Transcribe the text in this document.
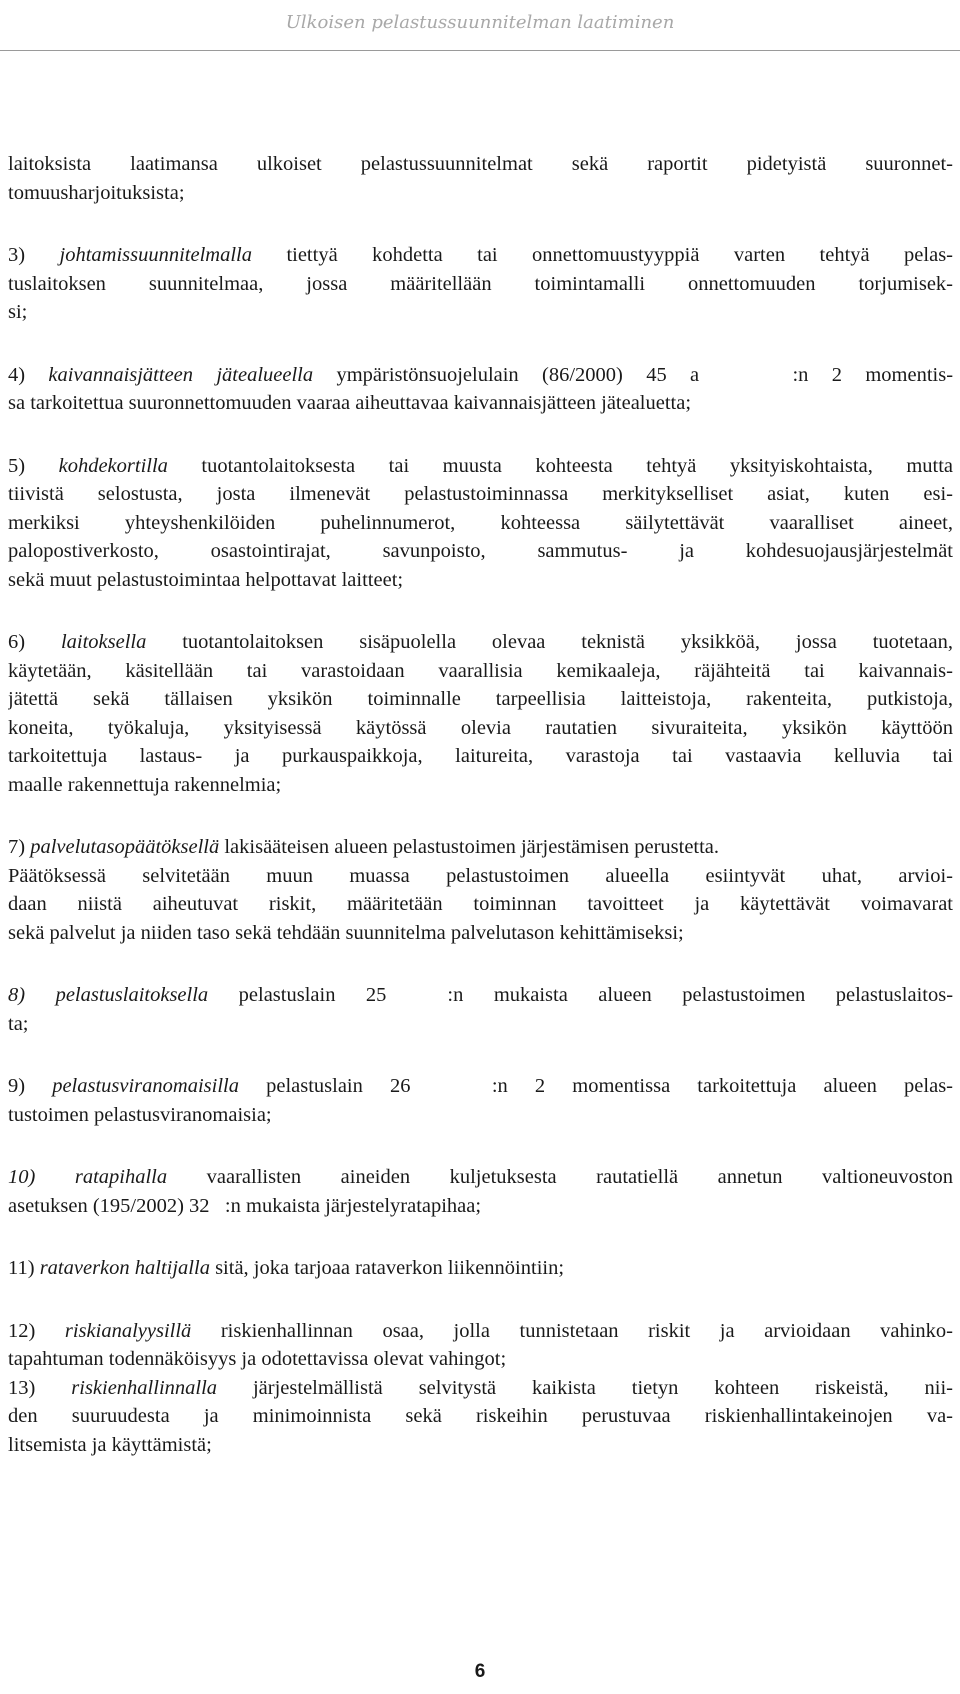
Ulkoisen pelastussuunnitelman laatiminen
laitoksista laatimansa ulkoiset pelastussuunnitelmat sekä raportit pidetyistä suuronnet-
tomuusharjoituksista;
3) johtamissuunnitelmalla tiettyä kohdetta tai onnettomuustyyppiä varten tehtyä pelas-
tuslaitoksen suunnitelmaa, jossa määritellään toimintamalli onnettomuuden torjumisek-
si;
4) kaivannaisjätteen jätealueella ympäristönsuojelulain (86/2000) 45 a	:n 2 momentis-
sa tarkoitettua suuronnettomuuden vaaraa aiheuttavaa kaivannaisjätteen jätealuetta;
5) kohdekortilla tuotantolaitoksesta tai muusta kohteesta tehtyä yksityiskohtaista, mutta
tiivistä selostusta, josta ilmenevät pelastustoiminnassa merkitykselliset asiat, kuten esi-
merkiksi yhteyshenkilöiden puhelinnumerot, kohteessa säilytettävät vaaralliset aineet,
palopostiverkosto, osastointirajat, savunpoisto, sammutus- ja kohdesuojausjärjestelmät
sekä muut pelastustoimintaa helpottavat laitteet;
6) laitoksella tuotantolaitoksen sisäpuolella olevaa teknistä yksikköä, jossa tuotetaan,
käytetään, käsitellään tai varastoidaan vaarallisia kemikaaleja, räjähteitä tai kaivannais-
jätettä sekä tällaisen yksikön toiminnalle tarpeellisia laitteistoja, rakenteita, putkistoja,
koneita, työkaluja, yksityisessä käytössä olevia rautatien sivuraiteita, yksikön käyttöön
tarkoitettuja lastaus- ja purkauspaikkoja, laitureita, varastoja tai vastaavia kelluvia tai
maalle rakennettuja rakennelmia;
7) palvelutasopäätöksellä lakisääteisen alueen pelastustoimen järjestämisen perustetta.
Päätöksessä selvitetään muun muassa pelastustoimen alueella esiintyvät uhat, arvioi-
daan niistä aiheutuvat riskit, määritetään toiminnan tavoitteet ja käytettävät voimavarat
sekä palvelut ja niiden taso sekä tehdään suunnitelma palvelutason kehittämiseksi;
8) pelastuslaitoksella pelastuslain 25	:n mukaista alueen pelastustoimen pelastuslaitos-
ta;
9) pelastusviranomaisilla pelastuslain 26	:n 2 momentissa tarkoitettuja alueen pelas-
tustoimen pelastusviranomaisia;
10) ratapihalla vaarallisten aineiden kuljetuksesta rautatiellä annetun valtioneuvoston
asetuksen (195/2002) 32 :n mukaista järjestelyratapihaa;
11) rataverkon haltijalla sitä, joka tarjoaa rataverkon liikennöintiin;
12) riskianalyysillä riskienhallinnan osaa, jolla tunnistetaan riskit ja arvioidaan vahinko-
tapahtuman todennäköisyys ja odotettavissa olevat vahingot;
13) riskienhallinnalla järjestelmällistä selvitystä kaikista tietyn kohteen riskeistä, nii-
den suuruudesta ja minimoinnista sekä riskeihin perustuvaa riskienhallintakeinojen va-
litsemista ja käyttämistä;
6
